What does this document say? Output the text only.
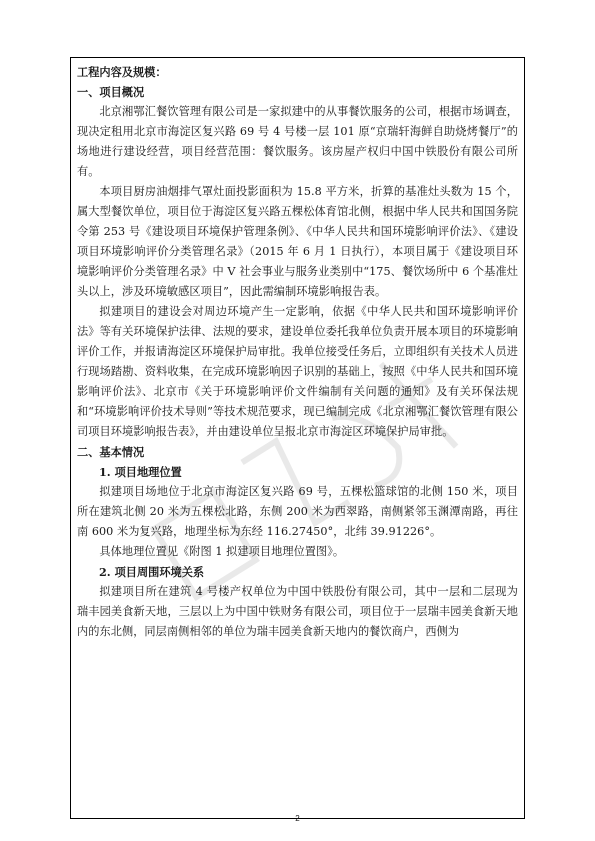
工程内容及规模：
一、项目概况

北京湘鄂汇餐饮管理有限公司是一家拟建中的从事餐饮服务的公司，根据市场调查，现决定租用北京市海淀区复兴路 69 号 4 号楼一层 101 原“京瑞轩海鲜自助烧烤餐厅”的场地进行建设经营，项目经营范围：餐饮服务。该房屋产权归中国中铁股份有限公司所有。

本项目厨房油烟排气罩灶面投影面积为 15.8 平方米，折算的基准灶头数为 15 个，属大型餐饮单位，项目位于海淀区复兴路五棵松体育馆北侧，根据中华人民共和国国务院令第 253 号《建设项目环境保护管理条例》、《中华人民共和国环境影响评价法》、《建设项目环境影响评价分类管理名录》（2015 年 6 月 1 日执行），本项目属于《建设项目环境影响评价分类管理名录》中 V 社会事业与服务业类别中“175、餐饮场所中 6 个基准灶头以上，涉及环境敏感区项目”，因此需编制环境影响报告表。

拟建项目的建设会对周边环境产生一定影响，依据《中华人民共和国环境影响评价法》等有关环境保护法律、法规的要求，建设单位委托我单位负责开展本项目的环境影响评价工作，并报请海淀区环境保护局审批。我单位接受任务后，立即组织有关技术人员进行现场踏勘、资料收集，在完成环境影响因子识别的基础上，按照《中华人民共和国环境影响评价法》、北京市《关于环境影响评价文件编制有关问题的通知》及有关环保法规和“环境影响评价技术导则”等技术规范要求，现已编制完成《北京湘鄂汇餐饮管理有限公司项目环境影响报告表》，并由建设单位呈报北京市海淀区环境保护局审批。

二、基本情况
1. 项目地理位置

拟建项目场地位于北京市海淀区复兴路 69 号，五棵松篮球馆的北侧 150 米，项目所在建筑北侧 20 米为五棵松北路，东侧 200 米为西翠路，南侧紧邻玉渊潭南路，再往南 600 米为复兴路，地理坐标为东经 116.27450°，北纬 39.91226°。

具体地理位置见《附图 1 拟建项目地理位置图》。

2. 项目周围环境关系

拟建项目所在建筑 4 号楼产权单位为中国中铁股份有限公司，其中一层和二层现为瑞丰园美食新天地，三层以上为中国中铁财务有限公司，项目位于一层瑞丰园美食新天地内的东北侧，同层南侧相邻的单位为瑞丰园美食新天地内的餐饮商户，西侧为

2
